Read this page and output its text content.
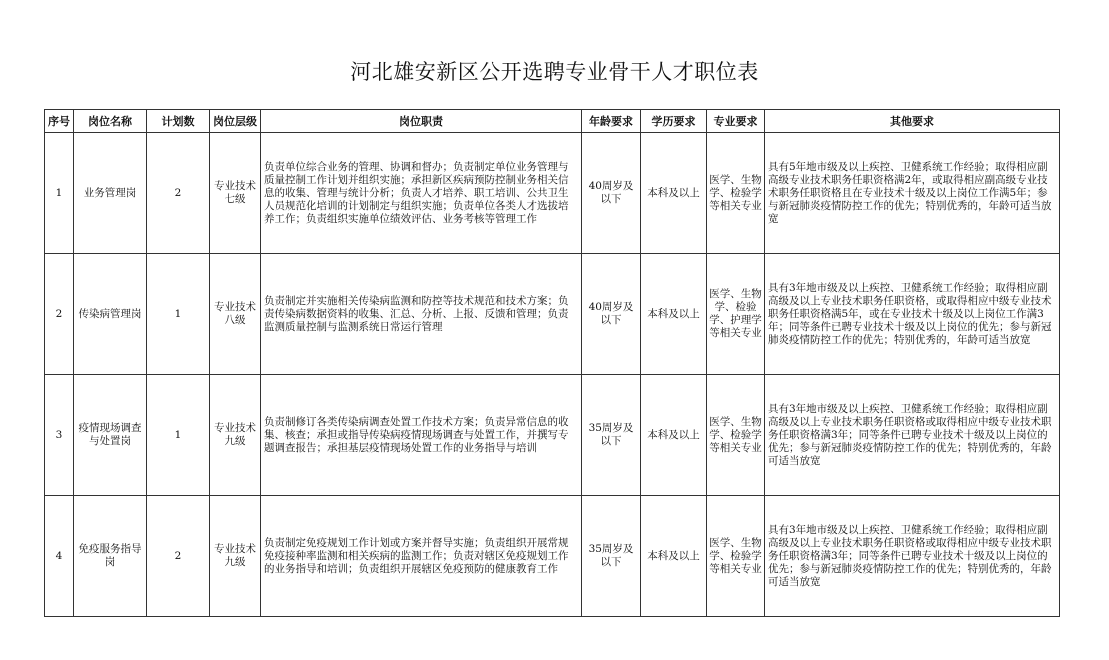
河北雄安新区公开选聘专业骨干人才职位表
序号	岗位名称	计划数	岗位层级	岗位职责	年龄要求	学历要求	专业要求	其他要求
1	业务管理岗	2	专业技术七级	负责单位综合业务的管理、协调和督办；负责制定单位业务管理与质量控制工作计划并组织实施；承担新区疾病预防控制业务相关信息的收集、管理与统计分析；负责人才培养、职工培训、公共卫生人员规范化培训的计划制定与组织实施；负责单位各类人才选拔培养工作；负责组织实施单位绩效评估、业务考核等管理工作	40周岁及以下	本科及以上	医学、生物学、检验学等相关专业	具有5年地市级及以上疾控、卫健系统工作经验；取得相应副高级专业技术职务任职资格满2年，或取得相应副高级专业技术职务任职资格且在专业技术十级及以上岗位工作满5年；参与新冠肺炎疫情防控工作的优先；特别优秀的，年龄可适当放宽
2	传染病管理岗	1	专业技术八级	负责制定并实施相关传染病监测和防控等技术规范和技术方案；负责传染病数据资料的收集、汇总、分析、上报、反馈和管理；负责监测质量控制与监测系统日常运行管理	40周岁及以下	本科及以上	医学、生物学、检验学、护理学等相关专业	具有3年地市级及以上疾控、卫健系统工作经验；取得相应副高级及以上专业技术职务任职资格，或取得相应中级专业技术职务任职资格满5年，或在专业技术十级及以上岗位工作满3年；同等条件已聘专业技术十级及以上岗位的优先；参与新冠肺炎疫情防控工作的优先；特别优秀的，年龄可适当放宽
3	疫情现场调查与处置岗	1	专业技术九级	负责制修订各类传染病调查处置工作技术方案；负责异常信息的收集、核查；承担或指导传染病疫情现场调查与处置工作，并撰写专题调查报告；承担基层疫情现场处置工作的业务指导与培训	35周岁及以下	本科及以上	医学、生物学、检验学等相关专业	具有3年地市级及以上疾控、卫健系统工作经验；取得相应副高级及以上专业技术职务任职资格或取得相应中级专业技术职务任职资格满3年；同等条件已聘专业技术十级及以上岗位的优先；参与新冠肺炎疫情防控工作的优先；特别优秀的，年龄可适当放宽
4	免疫服务指导岗	2	专业技术九级	负责制定免疫规划工作计划或方案并督导实施；负责组织开展常规免疫接种率监测和相关疾病的监测工作；负责对辖区免疫规划工作的业务指导和培训；负责组织开展辖区免疫预防的健康教育工作	35周岁及以下	本科及以上	医学、生物学、检验学等相关专业	具有3年地市级及以上疾控、卫健系统工作经验；取得相应副高级及以上专业技术职务任职资格或取得相应中级专业技术职务任职资格满3年；同等条件已聘专业技术十级及以上岗位的优先；参与新冠肺炎疫情防控工作的优先；特别优秀的，年龄可适当放宽
